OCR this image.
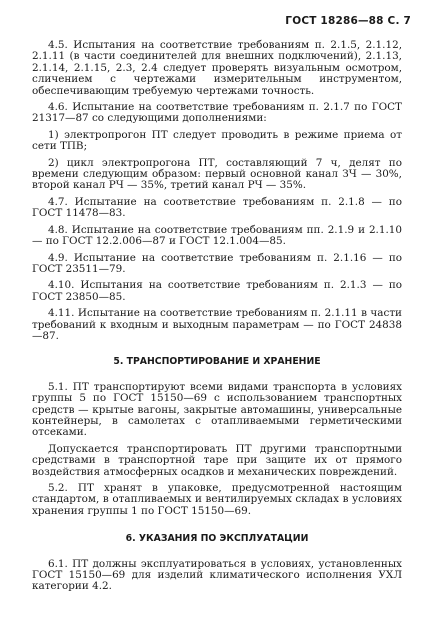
ГОСТ 18286—88 С. 7

4.5. Испытания на соответствие требованиям п. 2.1.5, 2.1.12, 2.1.11 (в части соединителей для внешних подключений), 2.1.13, 2.1.14, 2.1.15, 2.3, 2.4 следует проверять визуальным осмотром, сличением с чертежами измерительным инструментом, обеспечивающим требуемую чертежами точность.

4.6. Испытание на соответствие требованиям п. 2.1.7 по ГОСТ 21317—87 со следующими дополнениями:

1) электропрогон ПТ следует проводить в режиме приема от сети ТПВ;

2) цикл электропрогона ПТ, составляющий 7 ч, делят по времени следующим образом: первый основной канал ЗЧ — 30%, второй канал РЧ — 35%, третий канал РЧ — 35%.

4.7. Испытание на соответствие требованиям п. 2.1.8 — по ГОСТ 11478—83.

4.8. Испытание на соответствие требованиям пп. 2.1.9 и 2.1.10 — по ГОСТ 12.2.006—87 и ГОСТ 12.1.004—85.

4.9. Испытание на соответствие требованиям п. 2.1.16 — по ГОСТ 23511—79.

4.10. Испытания на соответствие требованиям п. 2.1.3 — по ГОСТ 23850—85.

4.11. Испытание на соответствие требованиям п. 2.1.11 в части требований к входным и выходным параметрам — по ГОСТ 24838—87.

5. ТРАНСПОРТИРОВАНИЕ И ХРАНЕНИЕ

5.1. ПТ транспортируют всеми видами транспорта в условиях группы 5 по ГОСТ 15150—69 с использованием транспортных средств — крытые вагоны, закрытые автомашины, универсальные контейнеры, в самолетах с отапливаемыми герметическими отсеками.

Допускается транспортировать ПТ другими транспортными средствами в транспортной таре при защите их от прямого воздействия атмосферных осадков и механических повреждений.

5.2. ПТ хранят в упаковке, предусмотренной настоящим стандартом, в отапливаемых и вентилируемых складах в условиях хранения группы 1 по ГОСТ 15150—69.

6. УКАЗАНИЯ ПО ЭКСПЛУАТАЦИИ

6.1. ПТ должны эксплуатироваться в условиях, установленных ГОСТ 15150—69 для изделий климатического исполнения УХЛ категории 4.2.
